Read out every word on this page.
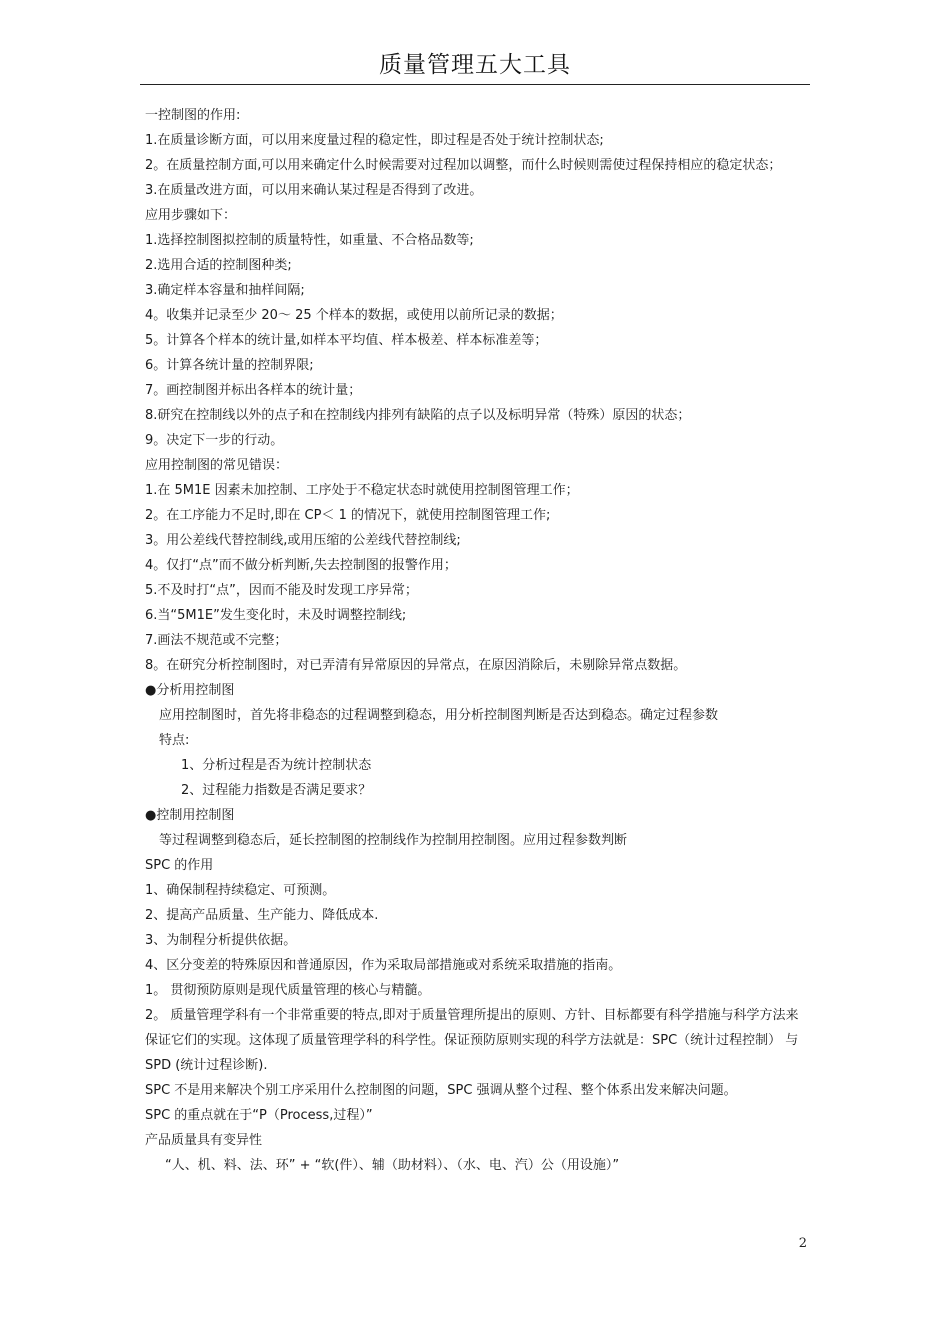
质量管理五大工具

一控制图的作用:

1.在质量诊断方面，可以用来度量过程的稳定性，即过程是否处于统计控制状态;

2。在质量控制方面,可以用来确定什么时候需要对过程加以调整，而什么时候则需使过程保持相应的稳定状态；

3.在质量改进方面，可以用来确认某过程是否得到了改进。

应用步骤如下：

1.选择控制图拟控制的质量特性，如重量、不合格品数等;

2.选用合适的控制图种类;

3.确定样本容量和抽样间隔;

4。收集并记录至少 20～ 25 个样本的数据，或使用以前所记录的数据；

5。计算各个样本的统计量,如样本平均值、样本极差、样本标准差等；

6。计算各统计量的控制界限;

7。画控制图并标出各样本的统计量；

8.研究在控制线以外的点子和在控制线内排列有缺陷的点子以及标明异常（特殊）原因的状态；

9。决定下一步的行动。

应用控制图的常见错误：

1.在 5M1E 因素未加控制、工序处于不稳定状态时就使用控制图管理工作；

2。在工序能力不足时,即在 CP＜ 1 的情况下，就使用控制图管理工作;

3。用公差线代替控制线,或用压缩的公差线代替控制线;

4。仅打“点”而不做分析判断,失去控制图的报警作用；

5.不及时打“点”，因而不能及时发现工序异常；

6.当“5M1E”发生变化时，未及时调整控制线;

7.画法不规范或不完整；

8。在研究分析控制图时，对已弄清有异常原因的异常点，在原因消除后，未剔除异常点数据。

●分析用控制图

应用控制图时，首先将非稳态的过程调整到稳态，用分析控制图判断是否达到稳态。确定过程参数

特点:

1、分析过程是否为统计控制状态

2、过程能力指数是否满足要求？

●控制用控制图

等过程调整到稳态后，延长控制图的控制线作为控制用控制图。应用过程参数判断

SPC 的作用

1、确保制程持续稳定、可预测。

2、提高产品质量、生产能力、降低成本.

3、为制程分析提供依据。

4、区分变差的特殊原因和普通原因，作为采取局部措施或对系统采取措施的指南。

1。 贯彻预防原则是现代质量管理的核心与精髓。

2。 质量管理学科有一个非常重要的特点,即对于质量管理所提出的原则、方针、目标都要有科学措施与科学方法来保证它们的实现。这体现了质量管理学科的科学性。保证预防原则实现的科学方法就是：SPC（统计过程控制） 与 SPD (统计过程诊断).

SPC 不是用来解决个别工序采用什么控制图的问题，SPC 强调从整个过程、整个体系出发来解决问题。

SPC 的重点就在于“P（Process,过程）”

产品质量具有变异性

“人、机、料、法、环” + “软(件）、辅（助材料）、（水、电、汽）公（用设施）”

2
